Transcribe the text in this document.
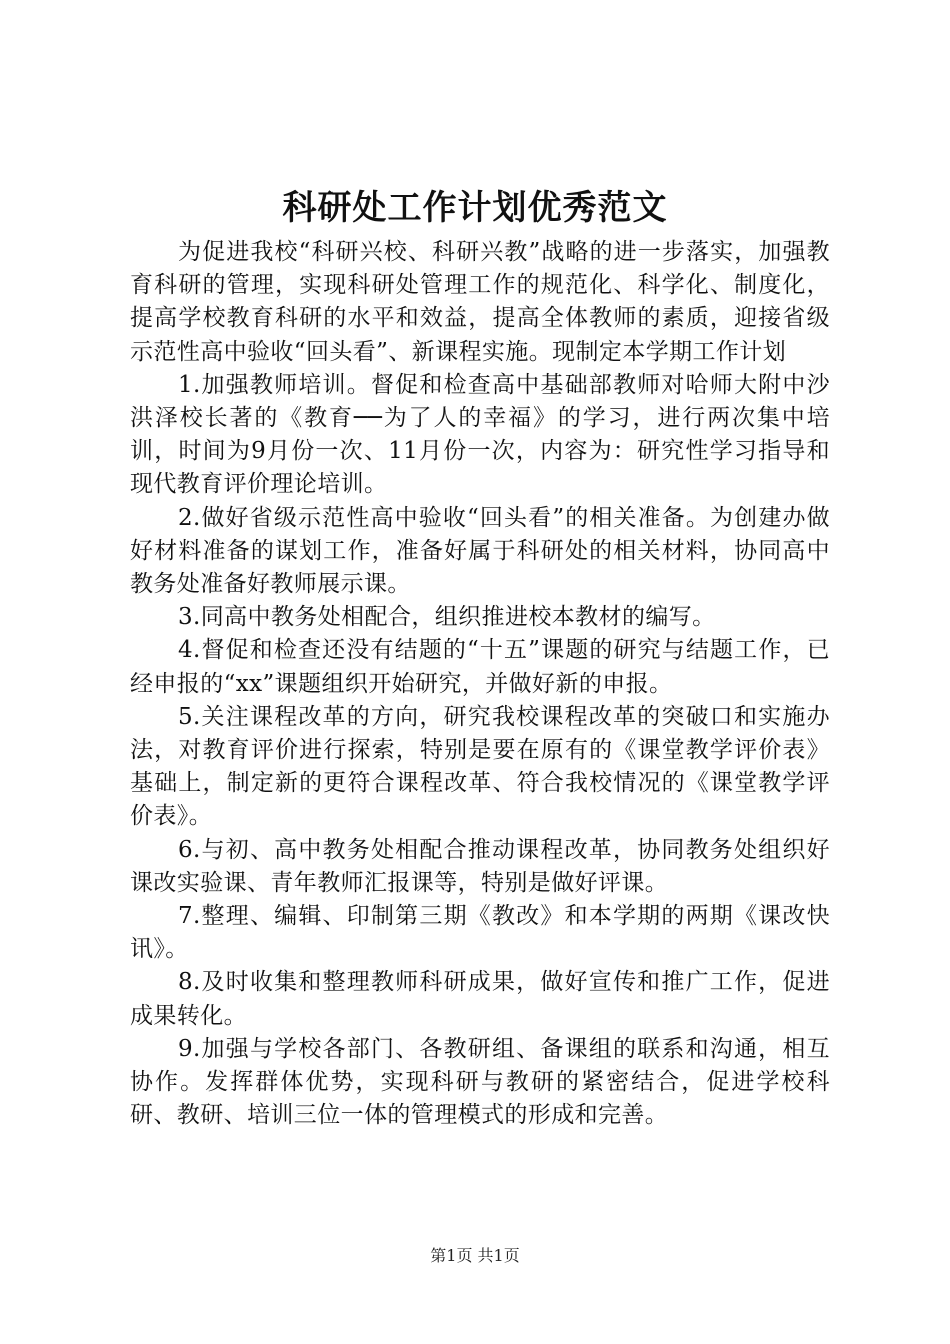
科研处工作计划优秀范文

为促进我校“科研兴校、科研兴教”战略的进一步落实，加强教育科研的管理，实现科研处管理工作的规范化、科学化、制度化，提高学校教育科研的水平和效益，提高全体教师的素质，迎接省级示范性高中验收“回头看”、新课程实施。现制定本学期工作计划

1.加强教师培训。督促和检查高中基础部教师对哈师大附中沙洪泽校长著的《教育──为了人的幸福》的学习，进行两次集中培训，时间为9月份一次、11月份一次，内容为：研究性学习指导和现代教育评价理论培训。

2.做好省级示范性高中验收“回头看”的相关准备。为创建办做好材料准备的谋划工作，准备好属于科研处的相关材料，协同高中教务处准备好教师展示课。

3.同高中教务处相配合，组织推进校本教材的编写。

4.督促和检查还没有结题的“十五”课题的研究与结题工作，已经申报的“xx”课题组织开始研究，并做好新的申报。

5.关注课程改革的方向，研究我校课程改革的突破口和实施办法，对教育评价进行探索，特别是要在原有的《课堂教学评价表》基础上，制定新的更符合课程改革、符合我校情况的《课堂教学评价表》。

6.与初、高中教务处相配合推动课程改革，协同教务处组织好课改实验课、青年教师汇报课等，特别是做好评课。

7.整理、编辑、印制第三期《教改》和本学期的两期《课改快讯》。

8.及时收集和整理教师科研成果，做好宣传和推广工作，促进成果转化。

9.加强与学校各部门、各教研组、备课组的联系和沟通，相互协作。发挥群体优势，实现科研与教研的紧密结合，促进学校科研、教研、培训三位一体的管理模式的形成和完善。

第1页 共1页
